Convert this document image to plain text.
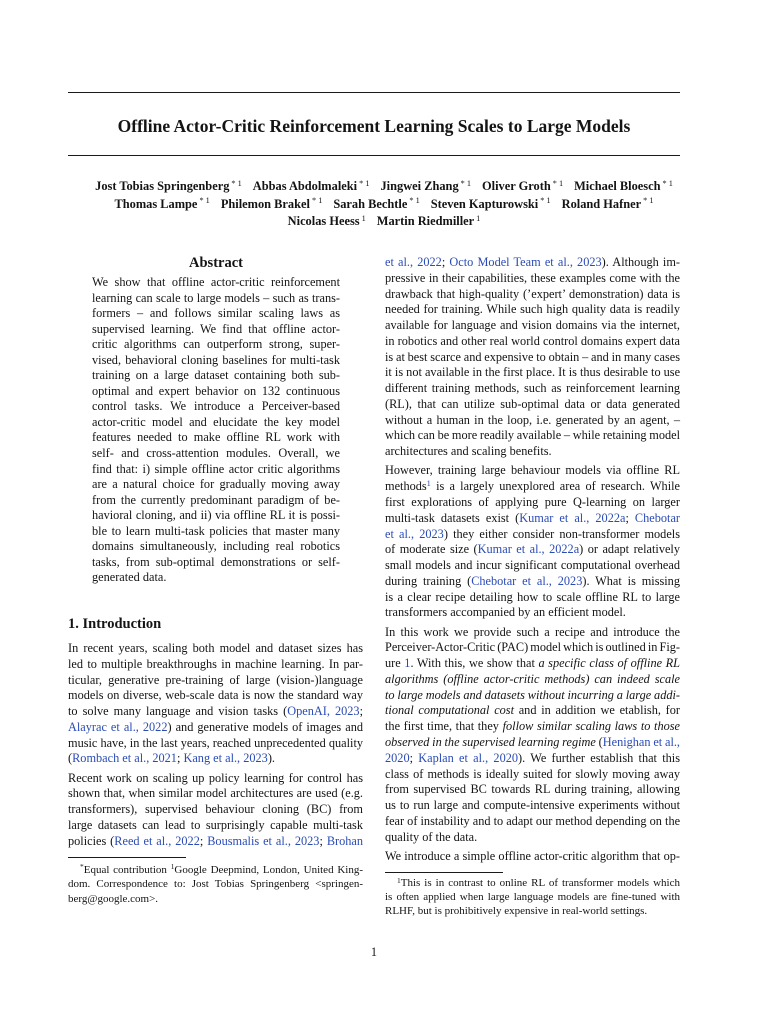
Offline Actor-Critic Reinforcement Learning Scales to Large Models
Jost Tobias Springenberg $^{* 1}$ Abbas Abdolmaleki $^{* 1}$ Jingwei Zhang $^{* 1}$ Oliver Groth $^{* 1}$ Michael Bloesch $^{* 1}$
Thomas Lampe $^{* 1}$ Philemon Brakel $^{* 1}$ Sarah Bechtle $^{* 1}$ Steven Kapturowski $^{* 1}$ Roland Hafner $^{* 1}$
Nicolas Heess $^1$ Martin Riedmiller $^1$
Abstract
We show that offline actor-critic reinforcement
learning can scale to large models – such as trans-
formers – and follows similar scaling laws as
supervised learning. We find that offline actor-
critic algorithms can outperform strong, super-
vised, behavioral cloning baselines for multi-task
training on a large dataset containing both sub-
optimal and expert behavior on 132 continuous
control tasks. We introduce a Perceiver-based
actor-critic model and elucidate the key model
features needed to make offline RL work with
self- and cross-attention modules. Overall, we
find that: i) simple offline actor critic algorithms
are a natural choice for gradually moving away
from the currently predominant paradigm of be-
havioral cloning, and ii) via offline RL it is possi-
ble to learn multi-task policies that master many
domains simultaneously, including real robotics
tasks, from sub-optimal demonstrations or self-
generated data.
1. Introduction
In recent years, scaling both model and dataset sizes has
led to multiple breakthroughs in machine learning. In par-
ticular, generative pre-training of large (vision-)language
models on diverse, web-scale data is now the standard way
to solve many language and vision tasks (OpenAI, 2023;
Alayrac et al., 2022) and generative models of images and
music have, in the last years, reached unprecedented quality
(Rombach et al., 2021; Kang et al., 2023).
Recent work on scaling up policy learning for control has
shown that, when similar model architectures are used (e.g.
transformers), supervised behaviour cloning (BC) from
large datasets can lead to surprisingly capable multi-task
policies (Reed et al., 2022; Bousmalis et al., 2023; Brohan
*Equal contribution $^1$Google Deepmind, London, United King-
dom. Correspondence to: Jost Tobias Springenberg <springen-
berg@google.com>.
et al., 2022; Octo Model Team et al., 2023). Although im-
pressive in their capabilities, these examples come with the
drawback that high-quality (’expert’ demonstration) data is
needed for training. While such high quality data is readily
available for language and vision domains via the internet,
in robotics and other real world control domains expert data
is at best scarce and expensive to obtain – and in many cases
it is not available in the first place. It is thus desirable to use
different training methods, such as reinforcement learning
(RL), that can utilize sub-optimal data or data generated
without a human in the loop, i.e. generated by an agent, –
which can be more readily available – while retaining model
architectures and scaling benefits.
However, training large behaviour models via offline RL
methods$^1$ is a largely unexplored area of research. While
first explorations of applying pure Q-learning on larger
multi-task datasets exist (Kumar et al., 2022a; Chebotar
et al., 2023) they either consider non-transformer models
of moderate size (Kumar et al., 2022a) or adapt relatively
small models and incur significant computational overhead
during training (Chebotar et al., 2023). What is missing
is a clear recipe detailing how to scale offline RL to large
transformers accompanied by an efficient model.
In this work we provide such a recipe and introduce the
Perceiver-Actor-Critic (PAC) model which is outlined in Fig-
ure 1. With this, we show that a specific class of offline RL
algorithms (offline actor-critic methods) can indeed scale
to large models and datasets without incurring a large addi-
tional computational cost and in addition we etablish, for
the first time, that they follow similar scaling laws to those
observed in the supervised learning regime (Henighan et al.,
2020; Kaplan et al., 2020). We further establish that this
class of methods is ideally suited for slowly moving away
from supervised BC towards RL during training, allowing
us to run large and compute-intensive experiments without
fear of instability and to adapt our method depending on the
quality of the data.
We introduce a simple offline actor-critic algorithm that op-
$^1$This is in contrast to online RL of transformer models which
is often applied when large language models are fine-tuned with
RLHF, but is prohibitively expensive in real-world settings.
1
